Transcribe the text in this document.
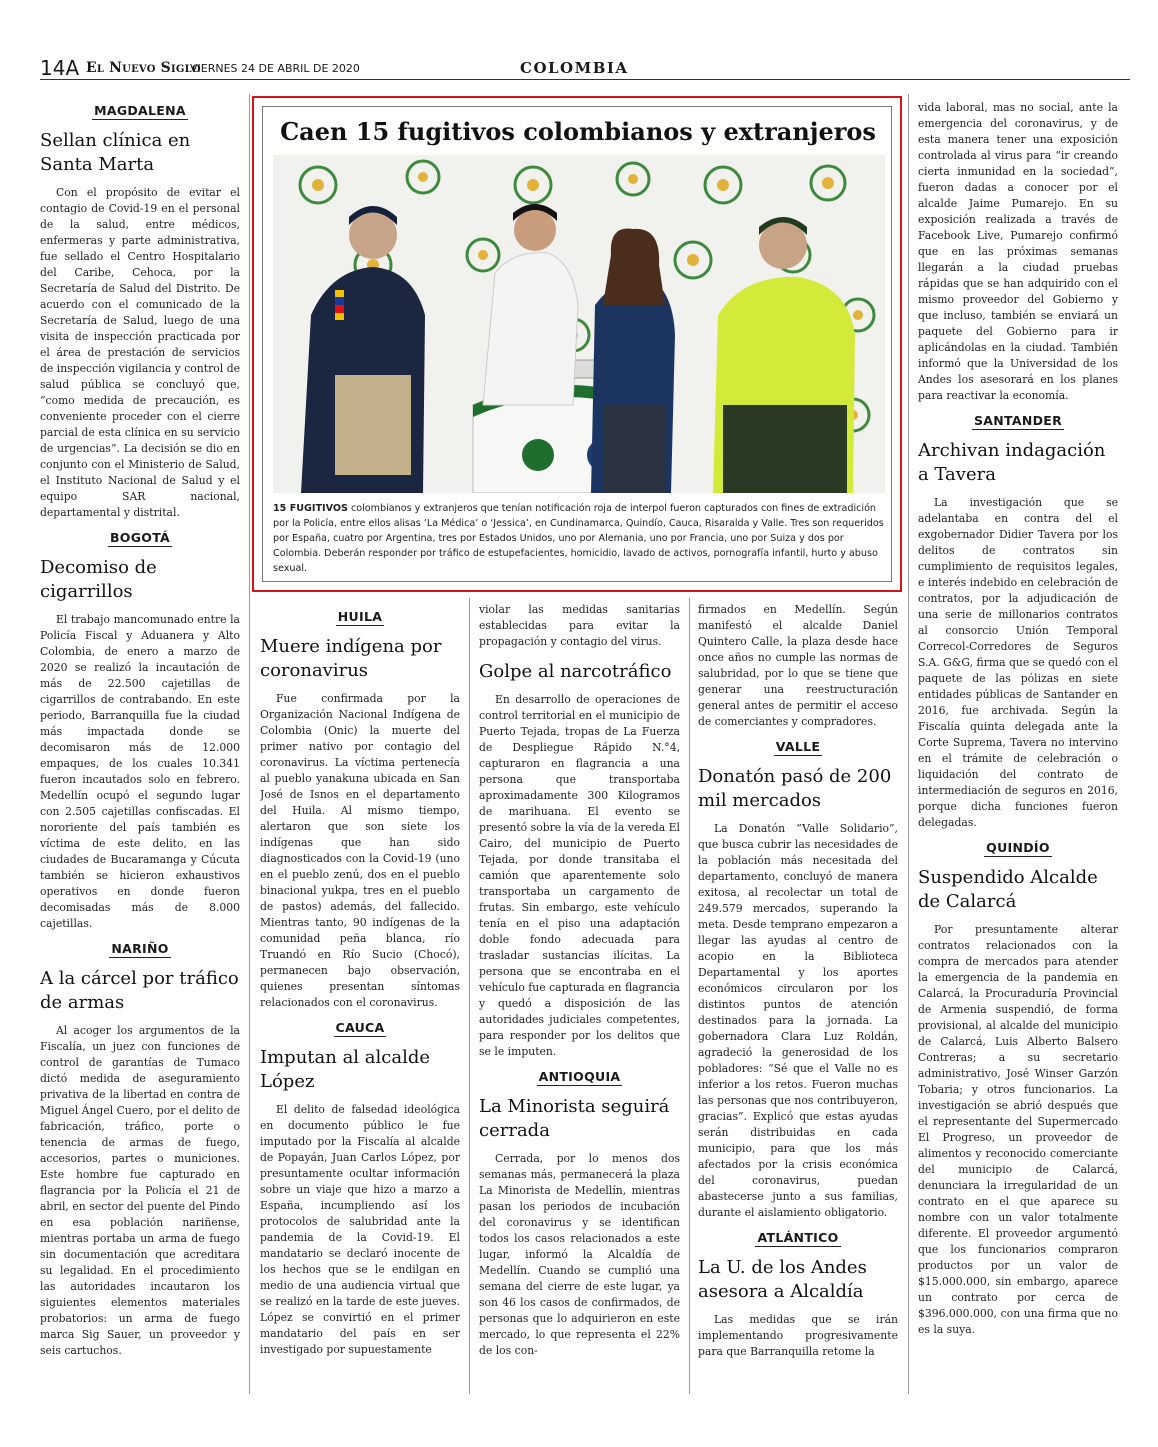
14A El Nuevo Siglo
VIERNES 24 DE ABRIL DE 2020	COLOMBIA
MAGDALENA
Sellan clínica en Santa Marta

Con el propósito de evitar el contagio de Covid-19 en el personal de la salud, entre médicos, enfermeras y parte administrativa, fue sellado el Centro Hospitalario del Caribe, Cehoca, por la Secretaría de Salud del Distrito. De acuerdo con el comunicado de la Secretaría de Salud, luego de una visita de inspección practicada por el área de prestación de servicios de inspección vigilancia y control de salud pública se concluyó que, “como medida de precaución, es conveniente proceder con el cierre parcial de esta clínica en su servicio de urgencias”. La decisión se dio en conjunto con el Ministerio de Salud, el Instituto Nacional de Salud y el equipo SAR nacional, departamental y distrital.

BOGOTÁ
Decomiso de cigarrillos

El trabajo mancomunado entre la Policía Fiscal y Aduanera y Alto Colombia, de enero a marzo de 2020 se realizó la incautación de más de 22.500 cajetillas de cigarrillos de contrabando. En este periodo, Barranquilla fue la ciudad más impactada donde se decomisaron más de 12.000 empaques, de los cuales 10.341 fueron incautados solo en febrero. Medellín ocupó el segundo lugar con 2.505 cajetillas confiscadas. El nororiente del país también es víctima de este delito, en las ciudades de Bucaramanga y Cúcuta también se hicieron exhaustivos operativos en donde fueron decomisadas más de 8.000 cajetillas.

NARIÑO
A la cárcel por tráfico de armas

Al acoger los argumentos de la Fiscalía, un juez con funciones de control de garantías de Tumaco dictó medida de aseguramiento privativa de la libertad en contra de Miguel Ángel Cuero, por el delito de fabricación, tráfico, porte o tenencia de armas de fuego, accesorios, partes o municiones. Este hombre fue capturado en flagrancia por la Policía el 21 de abril, en sector del puente del Pindo en esa población nariñense, mientras portaba un arma de fuego sin documentación que acreditara su legalidad. En el procedimiento las autoridades incautaron los siguientes elementos materiales probatorios: un arma de fuego marca Sig Sauer, un proveedor y seis cartuchos.

Caen 15 fugitivos colombianos y extranjeros

15 FUGITIVOS colombianos y extranjeros que tenían notificación roja de interpol fueron capturados con fines de extradición por la Policía, entre ellos alisas ‘La Médica’ o ‘Jessica’, en Cundinamarca, Quindío, Cauca, Risaralda y Valle. Tres son requeridos por España, cuatro por Argentina, tres por Estados Unidos, uno por Alemania, uno por Francia, uno por Suiza y dos por Colombia. Deberán responder por tráfico de estupefacientes, homicidio, lavado de activos, pornografía infantil, hurto y abuso sexual.

HUILA
Muere indígena por coronavirus

Fue confirmada por la Organización Nacional Indígena de Colombia (Onic) la muerte del primer nativo por contagio del coronavirus. La víctima pertenecía al pueblo yanakuna ubicada en San José de Isnos en el departamento del Huila. Al mismo tiempo, alertaron que son siete los indígenas que han sido diagnosticados con la Covid-19 (uno en el pueblo zenú, dos en el pueblo binacional yukpa, tres en el pueblo de pastos) además, del fallecido. Mientras tanto, 90 indígenas de la comunidad peña blanca, río Truandó en Río Sucio (Chocó), permanecen bajo observación, quienes presentan síntomas relacionados con el coronavirus.

CAUCA
Imputan al alcalde López

El delito de falsedad ideológica en documento público le fue imputado por la Fiscalía al alcalde de Popayán, Juan Carlos López, por presuntamente ocultar información sobre un viaje que hizo a marzo a España, incumpliendo así los protocolos de salubridad ante la pandemia de la Covid-19. El mandatario se declaró inocente de los hechos que se le endilgan en medio de una audiencia virtual que se realizó en la tarde de este jueves. López se convirtió en el primer mandatario del país en ser investigado por supuestamente

violar las medidas sanitarias establecidas para evitar la propagación y contagio del virus.

Golpe al narcotráfico

En desarrollo de operaciones de control territorial en el municipio de Puerto Tejada, tropas de La Fuerza de Despliegue Rápido N.°4, capturaron en flagrancia a una persona que transportaba aproximadamente 300 Kilogramos de marihuana. El evento se presentó sobre la vía de la vereda El Cairo, del municipio de Puerto Tejada, por donde transitaba el camión que aparentemente solo transportaba un cargamento de frutas. Sin embargo, este vehículo tenía en el piso una adaptación doble fondo adecuada para trasladar sustancias ilícitas. La persona que se encontraba en el vehículo fue capturada en flagrancia y quedó a disposición de las autoridades judiciales competentes, para responder por los delitos que se le imputen.

ANTIOQUIA
La Minorista seguirá cerrada

Cerrada, por lo menos dos semanas más, permanecerá la plaza La Minorista de Medellín, mientras pasan los periodos de incubación del coronavirus y se identifican todos los casos relacionados a este lugar, informó la Alcaldía de Medellín. Cuando se cumplió una semana del cierre de este lugar, ya son 46 los casos de confirmados, de personas que lo adquirieron en este mercado, lo que representa el 22% de los con-

firmados en Medellín. Según manifestó el alcalde Daniel Quintero Calle, la plaza desde hace once años no cumple las normas de salubridad, por lo que se tiene que generar una reestructuración general antes de permitir el acceso de comerciantes y compradores.

VALLE
Donatón pasó de 200 mil mercados

La Donatón “Valle Solidario”, que busca cubrir las necesidades de la población más necesitada del departamento, concluyó de manera exitosa, al recolectar un total de 249.579 mercados, superando la meta. Desde temprano empezaron a llegar las ayudas al centro de acopio en la Biblioteca Departamental y los aportes económicos circularon por los distintos puntos de atención destinados para la jornada. La gobernadora Clara Luz Roldán, agradeció la generosidad de los pobladores: “Sé que el Valle no es inferior a los retos. Fueron muchas las personas que nos contribuyeron, gracias”. Explicó que estas ayudas serán distribuidas en cada municipio, para que los más afectados por la crisis económica del coronavirus, puedan abastecerse junto a sus familias, durante el aislamiento obligatorio.

ATLÁNTICO
La U. de los Andes asesora a Alcaldía

Las medidas que se irán implementando progresivamente para que Barranquilla retome la

vida laboral, mas no social, ante la emergencia del coronavirus, y de esta manera tener una exposición controlada al virus para “ir creando cierta inmunidad en la sociedad”, fueron dadas a conocer por el alcalde Jaime Pumarejo. En su exposición realizada a través de Facebook Live, Pumarejo confirmó que en las próximas semanas llegarán a la ciudad pruebas rápidas que se han adquirido con el mismo proveedor del Gobierno y que incluso, también se enviará un paquete del Gobierno para ir aplicándolas en la ciudad. También informó que la Universidad de los Andes los asesorará en los planes para reactivar la economía.

SANTANDER
Archivan indagación a Tavera

La investigación que se adelantaba en contra del el exgobernador Didier Tavera por los delitos de contratos sin cumplimiento de requisitos legales, e interés indebido en celebración de contratos, por la adjudicación de una serie de millonarios contratos al consorcio Unión Temporal Correcol-Corredores de Seguros S.A. G&G, firma que se quedó con el paquete de las pólizas en siete entidades públicas de Santander en 2016, fue archivada. Según la Fiscalía quinta delegada ante la Corte Suprema, Tavera no intervino en el trámite de celebración o liquidación del contrato de intermediación de seguros en 2016, porque dicha funciones fueron delegadas.

QUINDÍO
Suspendido Alcalde de Calarcá

Por presuntamente alterar contratos relacionados con la compra de mercados para atender la emergencia de la pandemia en Calarcá, la Procuraduría Provincial de Armenia suspendió, de forma provisional, al alcalde del municipio de Calarcá, Luis Alberto Balsero Contreras; a su secretario administrativo, José Winser Garzón Tobaria; y otros funcionarios. La investigación se abrió después que el representante del Supermercado El Progreso, un proveedor de alimentos y reconocido comerciante del municipio de Calarcá, denunciara la irregularidad de un contrato en el que aparece su nombre con un valor totalmente diferente. El proveedor argumentó que los funcionarios compraron productos por un valor de $15.000.000, sin embargo, aparece un contrato por cerca de $396.000.000, con una firma que no es la suya.
